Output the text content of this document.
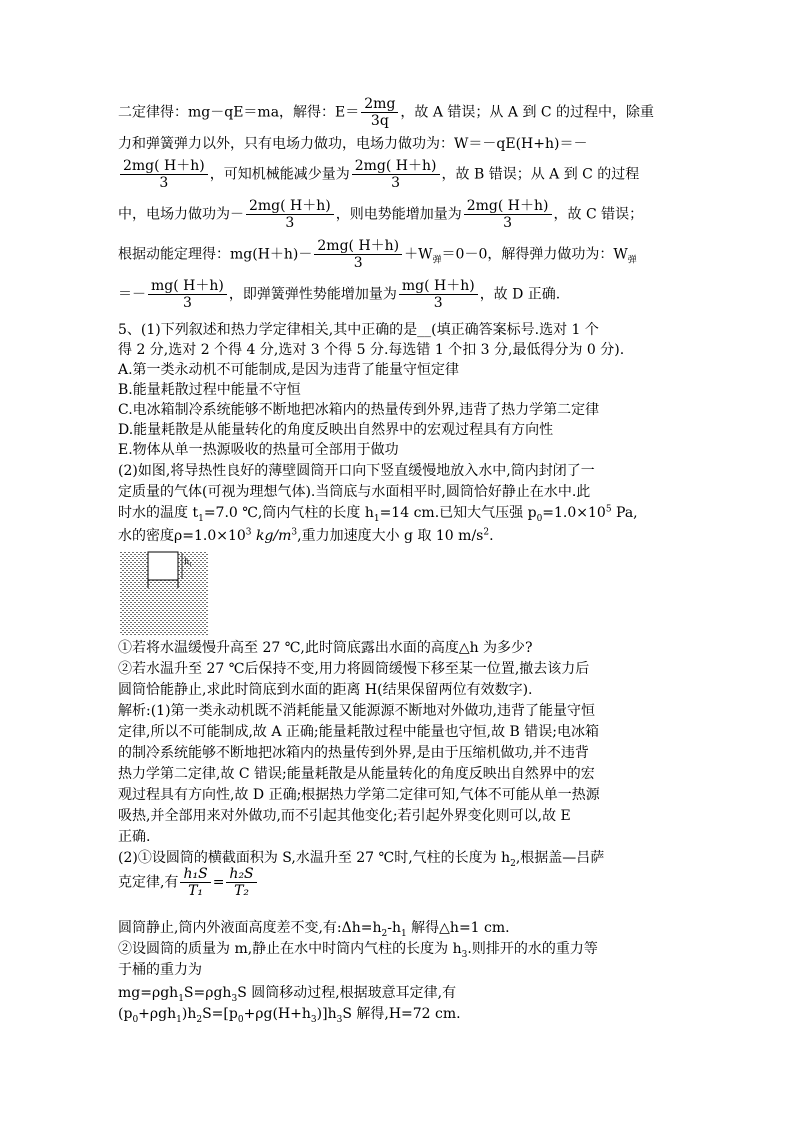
二定律得：mg－qE＝ma，解得：$E= \frac{2mg}{3q}$ ，故 A 错误；从 A 到 C 的过程中，除重
力和弹簧弹力以外，只有电场力做功，电场力做功为：W＝－qE(H+h)＝－
$\frac{2mg( H+h)}{3}$ ，可知机械能减少量为 $\frac{2mg( H+h)}{3}$ ，故 B 错误；从 A 到 C 的过程
中，电场力做功为－ $\frac{2mg( H+h)}{3}$ ，则电势能增加量为 $\frac{2mg( H+h)}{3}$ ，故 C 错误；
根据动能定理得：$mg(H+h)- \frac{2mg( H+h)}{3} +W_弹=0-0$，解得弹力做功为：$W_弹$
＝－ $\frac{mg( H+h)}{3}$ ，即弹簧弹性势能增加量为 $\frac{mg( H+h)}{3}$ ，故 D 正确.
5、(1)下列叙述和热力学定律相关,其中正确的是__(填正确答案标号.选对 1 个
得 2 分,选对 2 个得 4 分,选对 3 个得 5 分.每选错 1 个扣 3 分,最低得分为 0 分).
A.第一类永动机不可能制成,是因为违背了能量守恒定律
B.能量耗散过程中能量不守恒
C.电冰箱制冷系统能够不断地把冰箱内的热量传到外界,违背了热力学第二定律
D.能量耗散是从能量转化的角度反映出自然界中的宏观过程具有方向性
E.物体从单一热源吸收的热量可全部用于做功
(2)如图,将导热性良好的薄壁圆筒开口向下竖直缓慢地放入水中,筒内封闭了一
定质量的气体(可视为理想气体).当筒底与水面相平时,圆筒恰好静止在水中.此
时水的温度 $t_1=7.0$ ℃,筒内气柱的长度 $h_1=14$ cm.已知大气压强 $p_0=1.0\times 10^5$ Pa,
水的密度$\rho=1.0\times 10^3$ $kg/m^3$,重力加速度大小 g 取 10 $m/s^2$.
$h_1$
①若将水温缓慢升高至 27 ℃,此时筒底露出水面的高度△h 为多少?
②若水温升至 27 ℃后保持不变,用力将圆筒缓慢下移至某一位置,撤去该力后
圆筒恰能静止,求此时筒底到水面的距离 H(结果保留两位有效数字).
解析:(1)第一类永动机既不消耗能量又能源源不断地对外做功,违背了能量守恒
定律,所以不可能制成,故 A 正确;能量耗散过程中能量也守恒,故 B 错误;电冰箱
的制冷系统能够不断地把冰箱内的热量传到外界,是由于压缩机做功,并不违背
热力学第二定律,故 C 错误;能量耗散是从能量转化的角度反映出自然界中的宏
观过程具有方向性,故 D 正确;根据热力学第二定律可知,气体不可能从单一热源
吸热,并全部用来对外做功,而不引起其他变化;若引起外界变化则可以,故 E
正确.
(2)①设圆筒的横截面积为 S,水温升至 27 ℃时,气柱的长度为 $h_2$,根据盖—吕萨
克定律,有 $\frac{\text{h₁S}}{\text{T₁}} = \frac{\text{h₂S}}{\text{T₂}}$
圆筒静止,筒内外液面高度差不变,有$:\Delta h=h_2-h_1$ 解得△h=1 cm.
②设圆筒的质量为 m,静止在水中时筒内气柱的长度为 $h_3$.则排开的水的重力等
于桶的重力为
mg=ρgh$_1$S=ρgh$_3$S 圆筒移动过程,根据玻意耳定律,有
$(p_0+\rho gh_1)h_2S=[p_0+\rho g(H+h_3)]h_3S$ 解得,H=72 cm.
